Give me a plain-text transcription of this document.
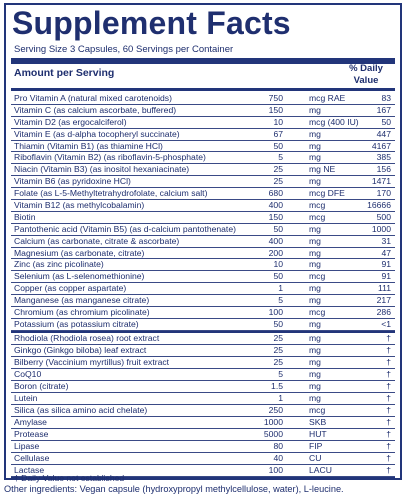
Supplement Facts
Serving Size 3 Capsules, 60 Servings per Container
Amount per Serving	% Daily
Value
Pro Vitamin A (natural mixed carotenoids)	750	mcg RAE	83
Vitamin C (as calcium ascorbate, buffered)	150	mg	167
Vitamin D2 (as ergocalciferol)	10	mcg (400 IU)	50
Vitamin E (as d-alpha tocopheryl succinate)	67	mg	447
Thiamin (Vitamin B1) (as thiamine HCl)	50	mg	4167
Riboflavin (Vitamin B2) (as riboflavin-5-phosphate)	5	mg	385
Niacin (Vitamin B3) (as inositol hexaniacinate)	25	mg NE	156
Vitamin B6 (as pyridoxine HCl)	25	mg	1471
Folate (as L-5-Methyltetrahydrofolate, calcium salt)	680	mcg DFE	170
Vitamin B12 (as methylcobalamin)	400	mcg	16666
Biotin	150	mcg	500
Pantothenic acid (Vitamin B5) (as d-calcium pantothenate)	50	mg	1000
Calcium (as carbonate, citrate & ascorbate)	400	mg	31
Magnesium (as carbonate, citrate)	200	mg	47
Zinc (as zinc picolinate)	10	mg	91
Selenium (as L-selenomethionine)	50	mcg	91
Copper (as copper aspartate)	1	mg	111
Manganese (as manganese citrate)	5	mg	217
Chromium (as chromium picolinate)	100	mcg	286
Potassium (as potassium citrate)	50	mg	<1
Rhodiola (Rhodiola rosea) root extract	25	mg	†
Ginkgo (Ginkgo biloba) leaf extract	25	mg	†
Bilberry (Vaccinium myrtillus) fruit extract	25	mg	†
CoQ10	5	mg	†
Boron (citrate)	1.5	mg	†
Lutein	1	mg	†
Silica (as silica amino acid chelate)	250	mcg	†
Amylase	1000	SKB	†
Protease	5000	HUT	†
Lipase	80	FIP	†
Cellulase	40	CU	†
Lactase	100	LACU	†
† Daily Value not established
Other ingredients: Vegan capsule (hydroxypropyl methylcellulose, water), L-leucine.
